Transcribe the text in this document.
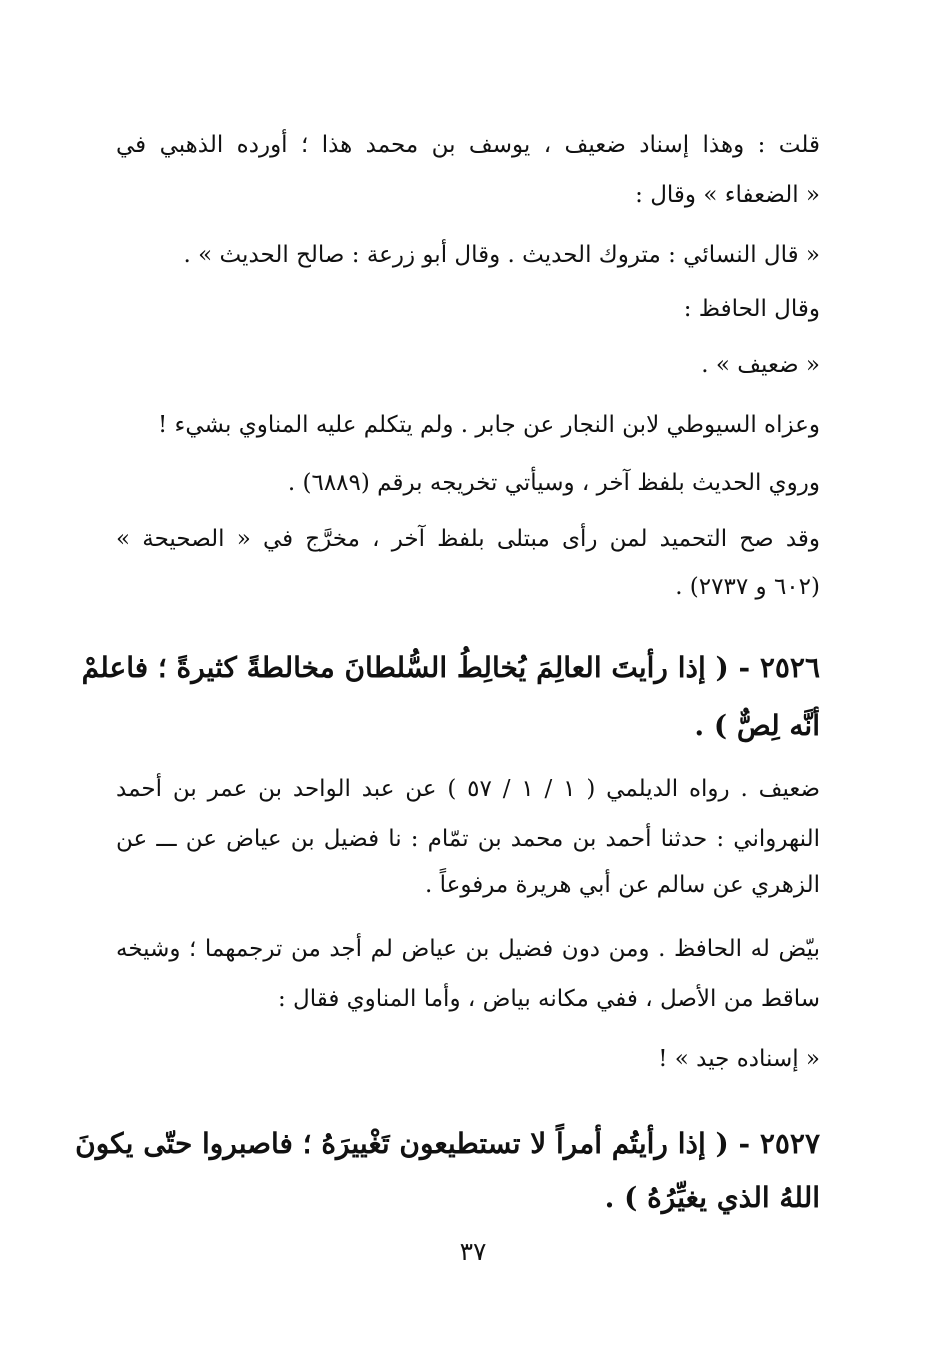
قلت : وهذا إسناد ضعيف ، يوسف بن محمد هذا ؛ أورده الذهبي في
« الضعفاء » وقال :
« قال النسائي : متروك الحديث . وقال أبو زرعة : صالح الحديث » .
وقال الحافظ :
« ضعيف » .
وعزاه السيوطي لابن النجار عن جابر . ولم يتكلم عليه المناوي بشيء !
وروي الحديث بلفظ آخر ، وسيأتي تخريجه برقم (٦٨٨٩) .
وقد صح التحميد لمن رأى مبتلى بلفظ آخر ، مخرَّج في « الصحيحة »
(٦٠٢ و ٢٧٣٧) .
٢٥٢٦ - ( إذا رأيتَ العالِمَ يُخالِطُ السُّلطانَ مخالطةً كثيرةً ؛ فاعلمْ
أنَّه لِصٌّ ) .
ضعيف . رواه الديلمي ( ١ / ١ / ٥٧ ) عن عبد الواحد بن عمر بن أحمد
النهرواني : حدثنا أحمد بن محمد بن تمّام : نا فضيل بن عياض عن ـــ عن
الزهري عن سالم عن أبي هريرة مرفوعاً .
بيّض له الحافظ . ومن دون فضيل بن عياض لم أجد من ترجمهما ؛ وشيخه
ساقط من الأصل ، ففي مكانه بياض ، وأما المناوي فقال :
« إسناده جيد » !
٢٥٢٧ - ( إذا رأيتُم أمراً لا تستطيعون تَغْييرَهُ ؛ فاصبروا حتّى يكونَ
اللهُ الذي يغيِّرُهُ ) .
٣٧
